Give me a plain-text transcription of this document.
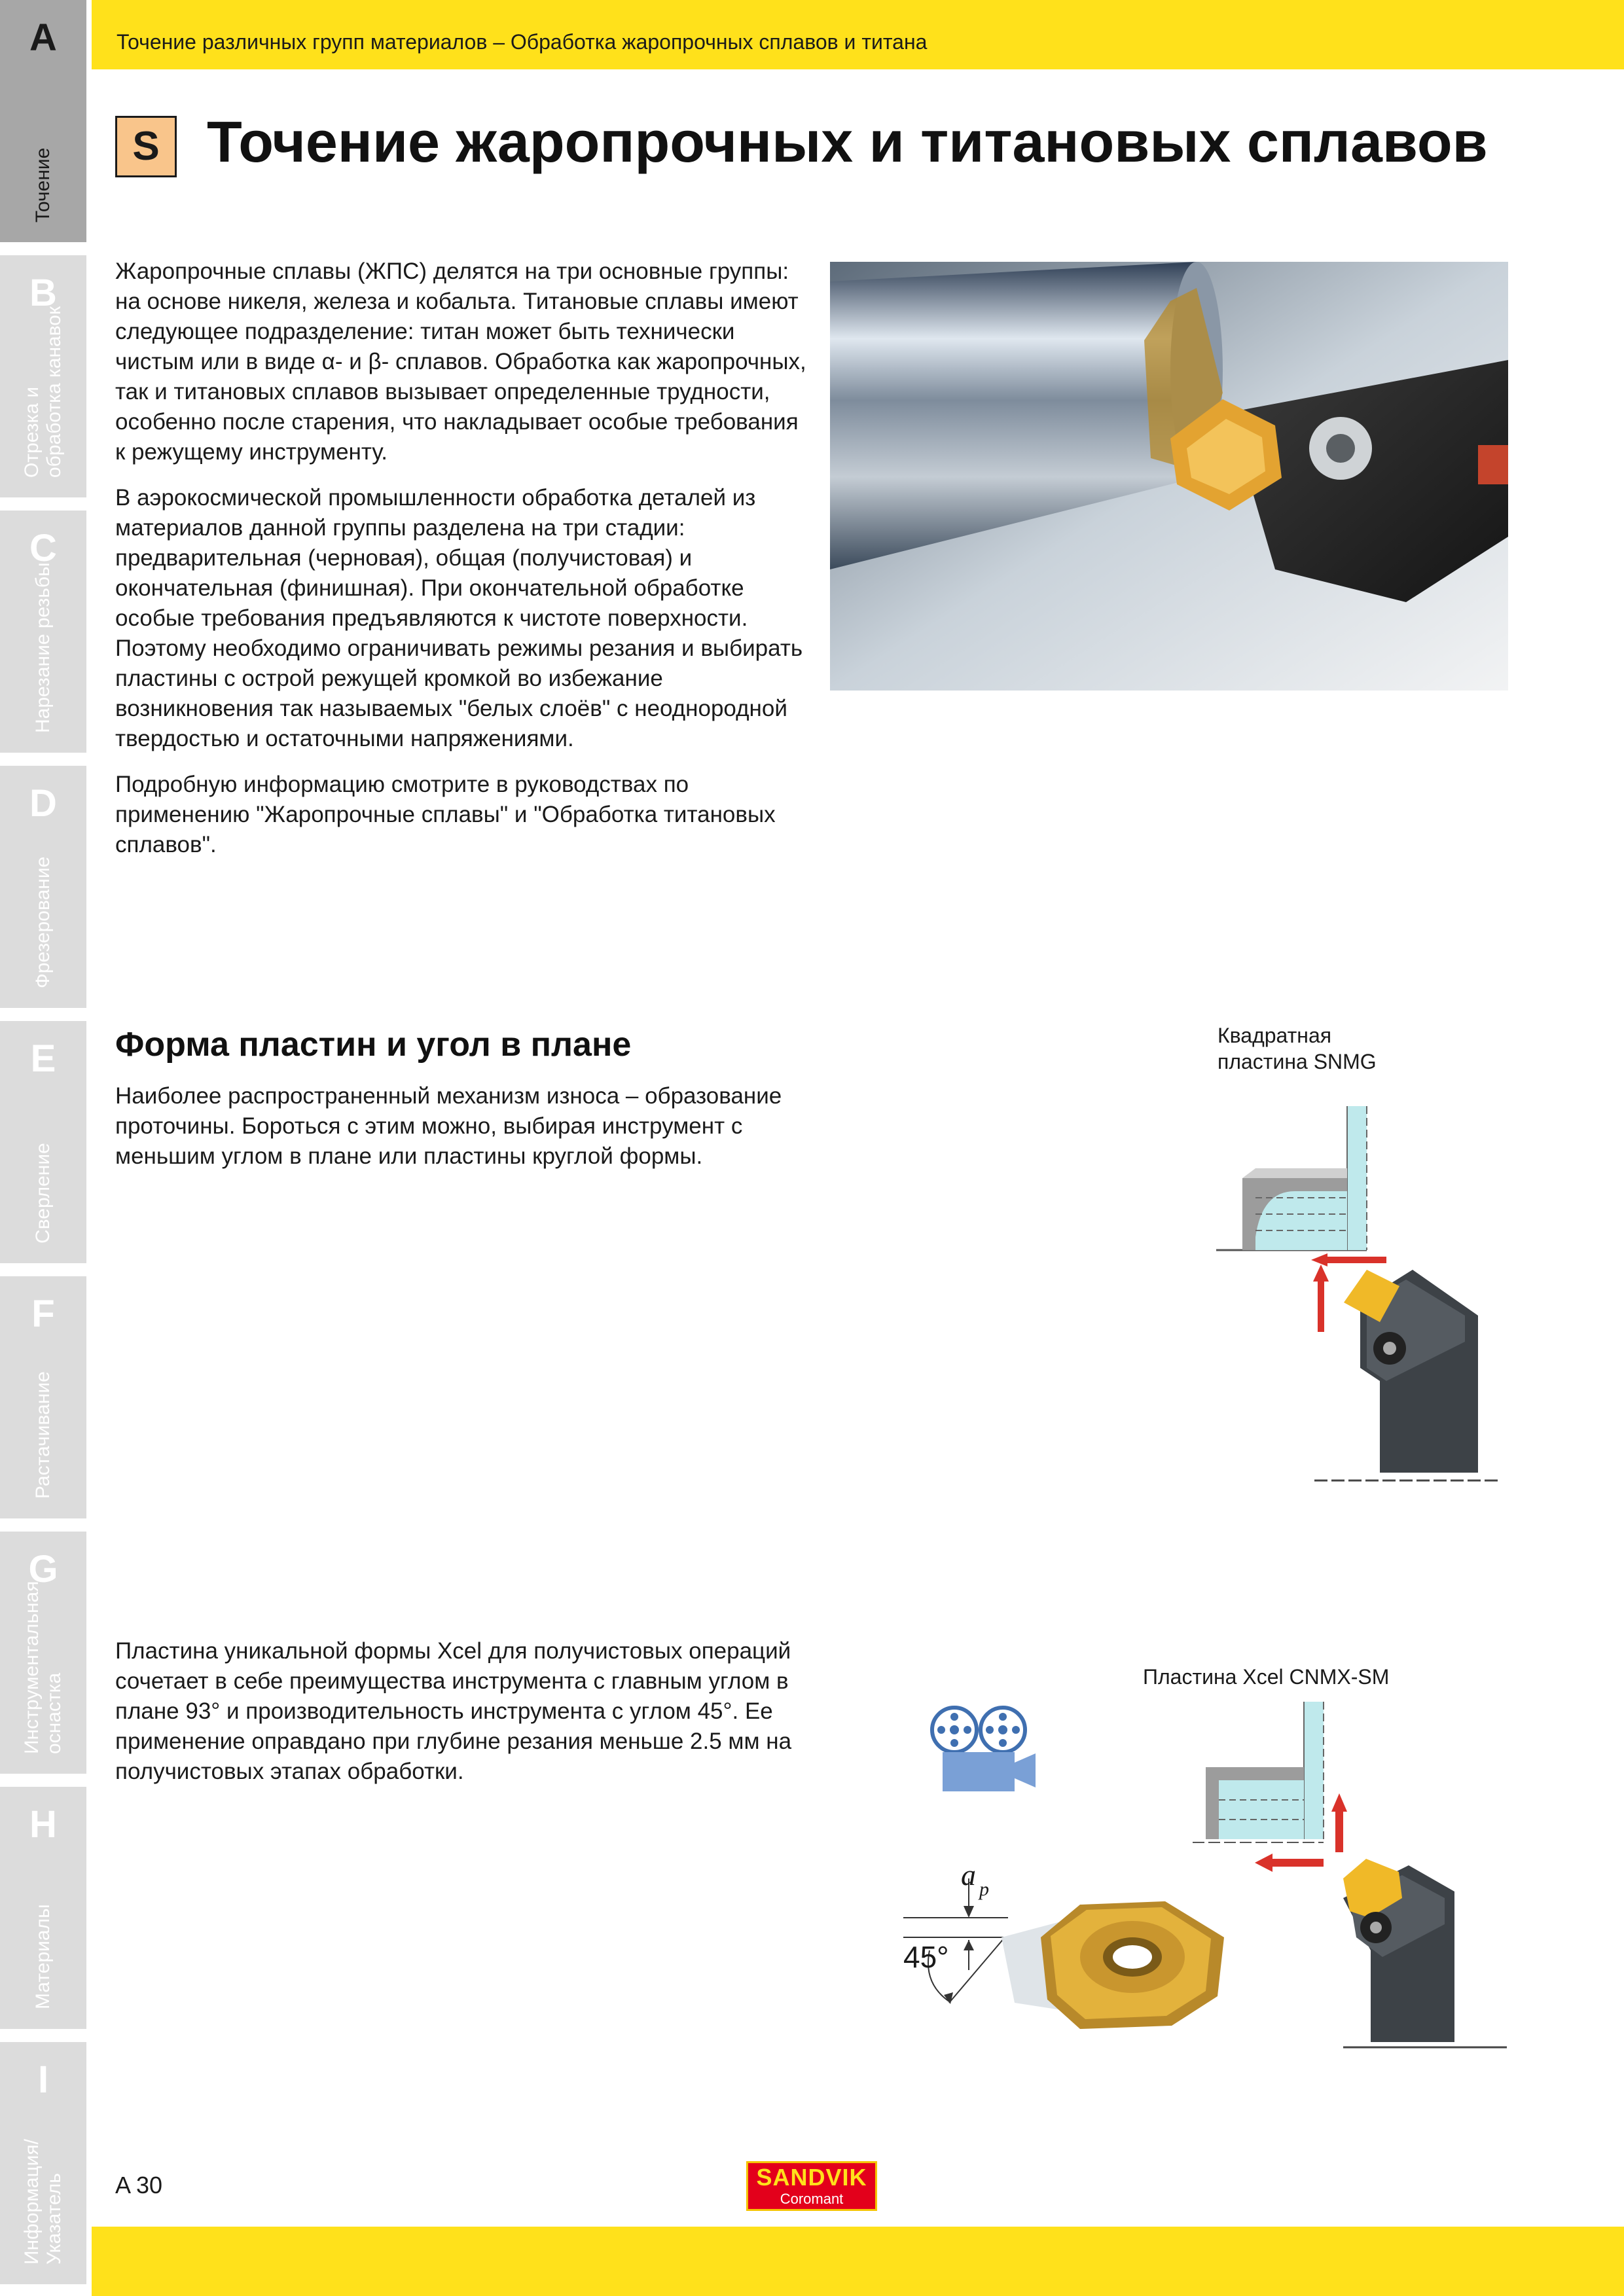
A
Точение
B
Отрезка и
обработка канавок
C
Нарезание резьбы
D
Фрезерование
E
Сверление
F
Растачивание
G
Инструментальная
оснастка
H
Материалы
I
Информация/
Указатель
Точение различных групп материалов – Обработка жаропрочных сплавов и титана
S Точение жаропрочных и титановых сплавов

Жаропрочные сплавы (ЖПС) делятся на три основные группы: на основе никеля, железа и кобальта. Титановые сплавы имеют следующее подразделение: титан может быть технически чистым или в виде α- и β- сплавов. Обработка как жаропрочных, так и титановых сплавов вызывает определенные трудности, особенно после старения, что накладывает особые требования к режущему инструменту.

В аэрокосмической промышленности обработка деталей из материалов данной группы разделена на три стадии: предварительная (черновая), общая (получистовая) и окончательная (финишная). При окончательной обработке особые требования предъявляются к чистоте поверхности. Поэтому необходимо ограничивать режимы резания и выбирать пластины с острой режущей кромкой во избежание возникновения так называемых "белых слоёв" с неоднородной твердостью и остаточными напряжениями.

Подробную информацию смотрите в руководствах по применению "Жаропрочные сплавы" и "Обработка титановых сплавов".

Форма пластин и угол в плане
Наиболее распространенный механизм износа – образование проточины. Бороться с этим можно, выбирая инструмент с меньшим углом в плане или пластины круглой формы.
Пластина уникальной формы Xcel для получистовых операций сочетает в себе преимущества инструмента с главным углом в плане 93° и производительность инструмента с углом 45°. Ее применение оправдано при глубине резания меньше 2.5 мм на получистовых этапах обработки.
Квадратная
пластина SNMG
Пластина Xcel CNMX-SM
a p
45°
A 30	SANDVIK
Coromant
